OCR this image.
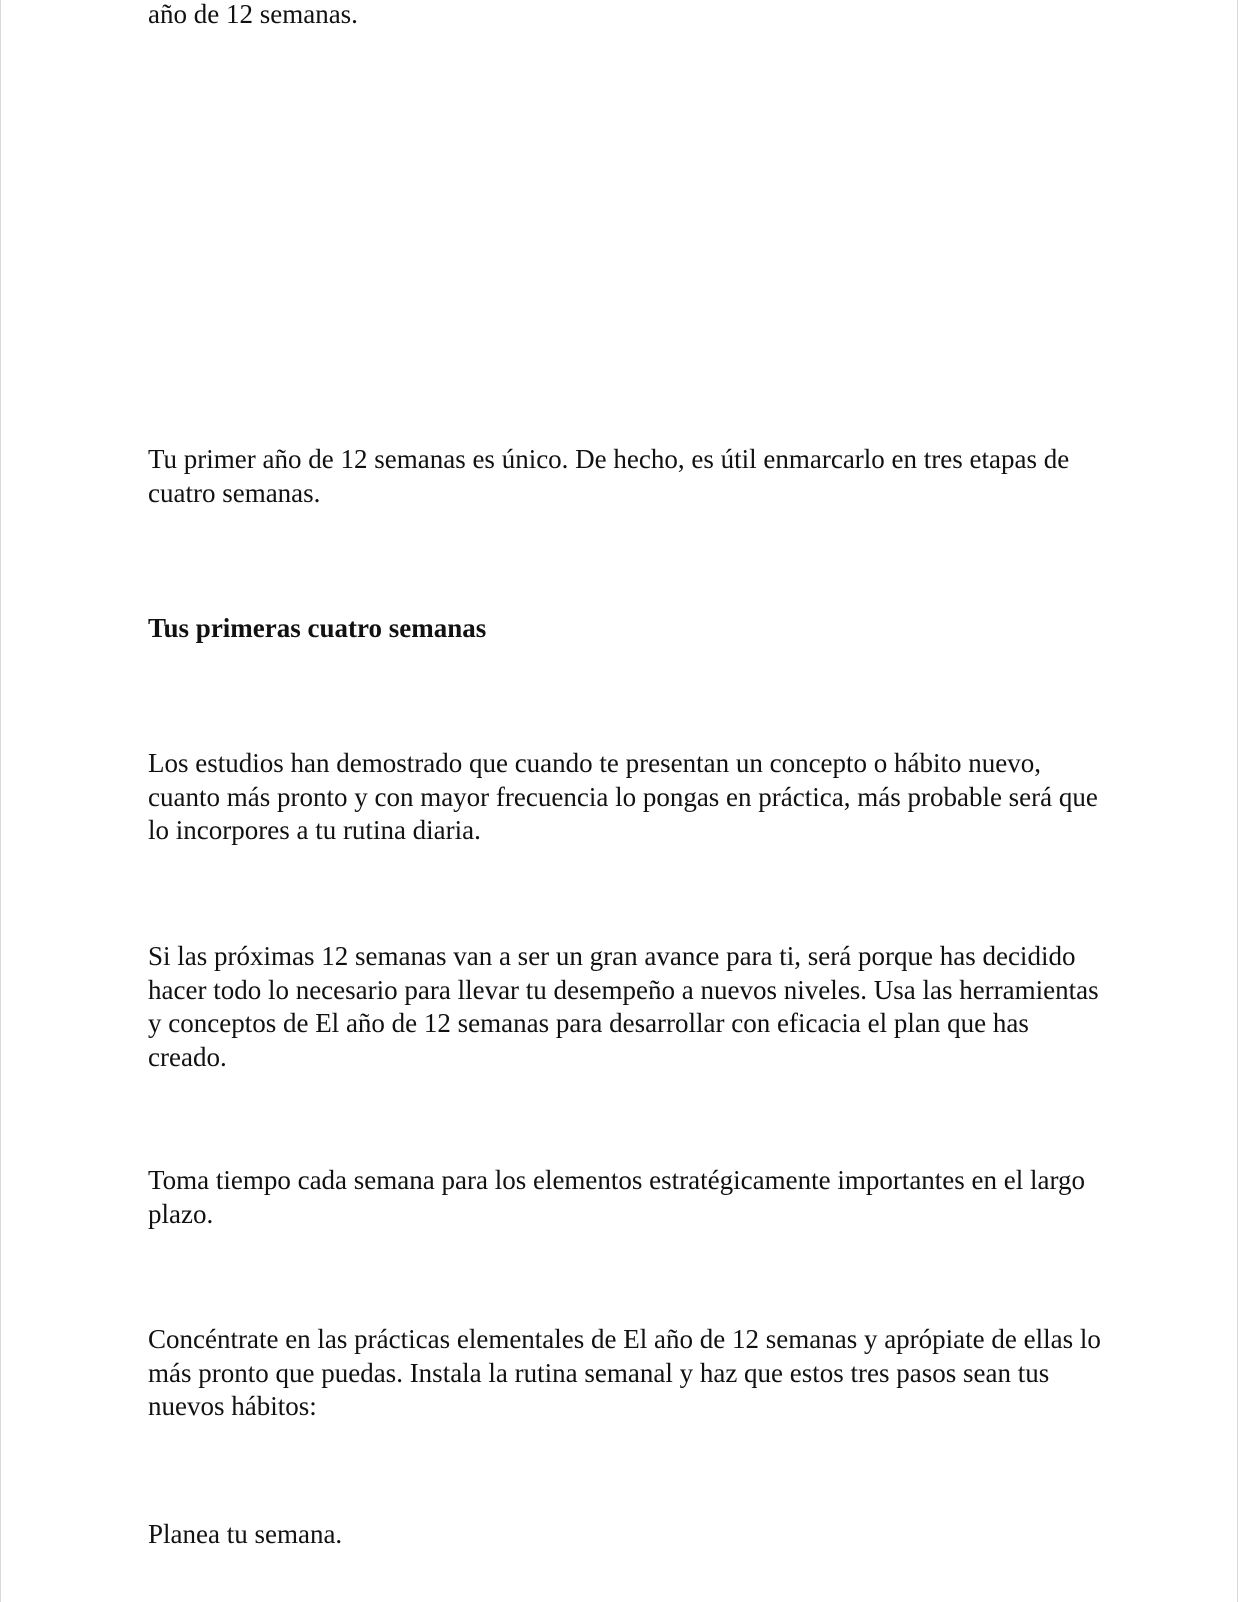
año de 12 semanas.

Tu primer año de 12 semanas es único. De hecho, es útil enmarcarlo en tres etapas de cuatro semanas.

Tus primeras cuatro semanas

Los estudios han demostrado que cuando te presentan un concepto o hábito nuevo, cuanto más pronto y con mayor frecuencia lo pongas en práctica, más probable será que lo incorpores a tu rutina diaria.

Si las próximas 12 semanas van a ser un gran avance para ti, será porque has decidido hacer todo lo necesario para llevar tu desempeño a nuevos niveles. Usa las herramientas y conceptos de El año de 12 semanas para desarrollar con eficacia el plan que has creado.

Toma tiempo cada semana para los elementos estratégicamente importantes en el largo plazo.

Concéntrate en las prácticas elementales de El año de 12 semanas y aprópiate de ellas lo más pronto que puedas. Instala la rutina semanal y haz que estos tres pasos sean tus nuevos hábitos:

Planea tu semana.
